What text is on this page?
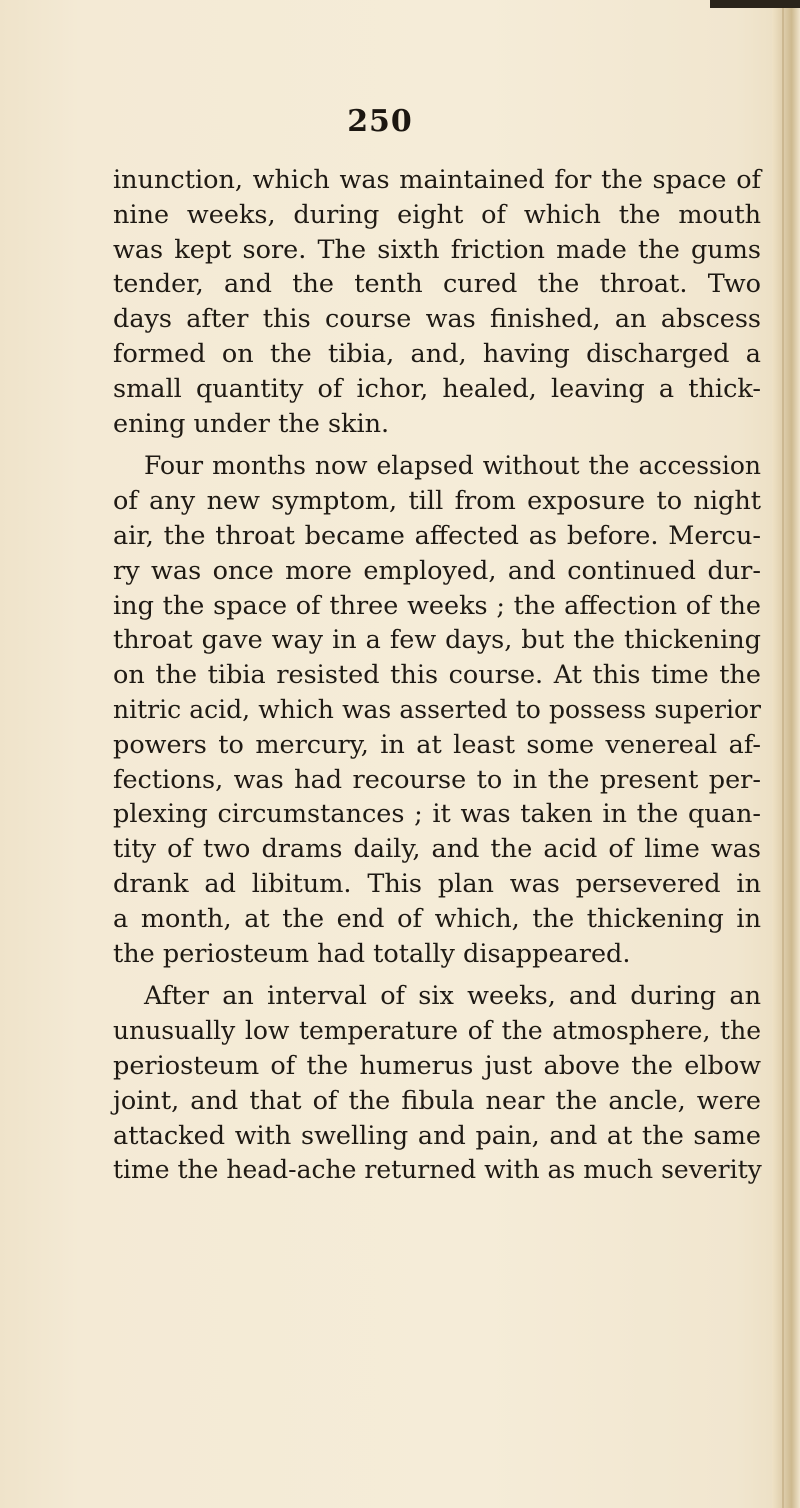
250
inunction, which was maintained for the space of
nine weeks, during eight of which the mouth
was kept sore. The sixth friction made the gums
tender, and the tenth cured the throat. Two
days after this course was finished, an abscess
formed on the tibia, and, having discharged a
small quantity of ichor, healed, leaving a thick-
ening under the skin.
Four months now elapsed without the accession
of any new symptom, till from exposure to night
air, the throat became affected as before. Mercu-
ry was once more employed, and continued dur-
ing the space of three weeks ; the affection of the
throat gave way in a few days, but the thickening
on the tibia resisted this course. At this time the
nitric acid, which was asserted to possess superior
powers to mercury, in at least some venereal af-
fections, was had recourse to in the present per-
plexing circumstances ; it was taken in the quan-
tity of two drams daily, and the acid of lime was
drank ad libitum. This plan was persevered in
a month, at the end of which, the thickening in
the periosteum had totally disappeared.
After an interval of six weeks, and during an
unusually low temperature of the atmosphere, the
periosteum of the humerus just above the elbow
joint, and that of the fibula near the ancle, were
attacked with swelling and pain, and at the same
time the head-ache returned with as much severity
